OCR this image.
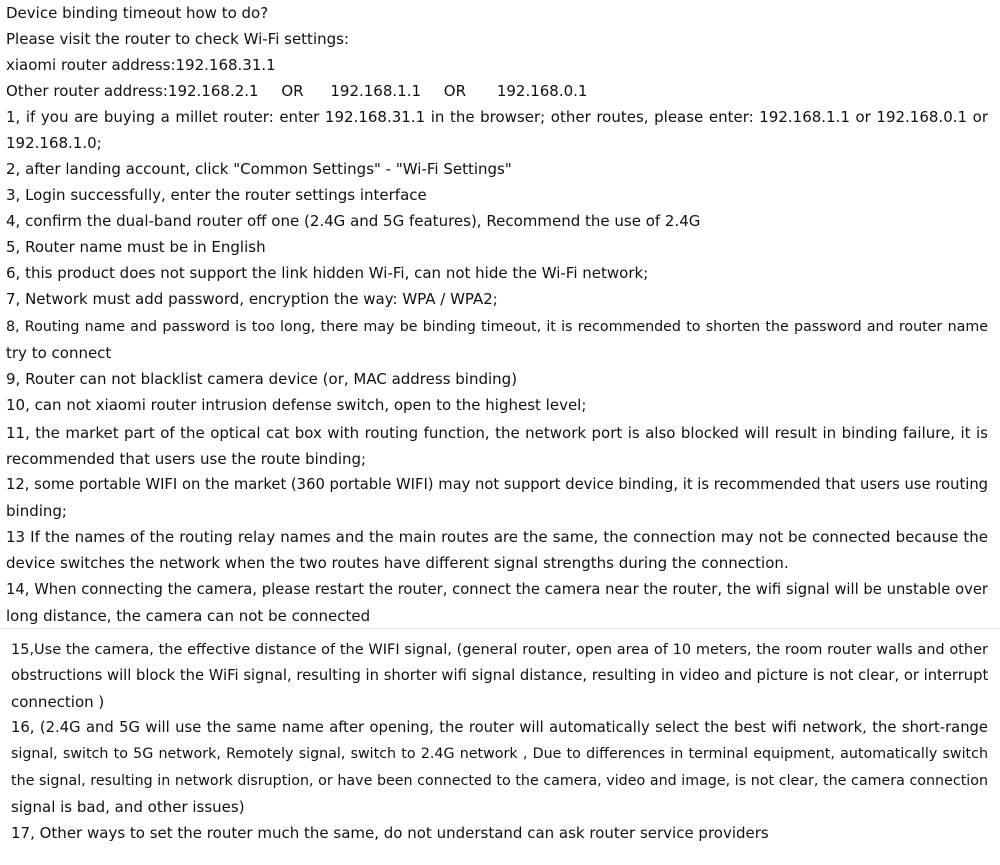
Device binding timeout how to do?
Please visit the router to check Wi-Fi settings:
xiaomi router address:192.168.31.1
Other router address:192.168.2.1 OR 192.168.1.1 OR 192.168.0.1
1, if you are buying a millet router: enter 192.168.31.1 in the browser; other routes, please enter: 192.168.1.1 or 192.168.0.1 or
192.168.1.0;
2, after landing account, click "Common Settings" - "Wi-Fi Settings"
3, Login successfully, enter the router settings interface
4, confirm the dual-band router off one (2.4G and 5G features), Recommend the use of 2.4G
5, Router name must be in English
6, this product does not support the link hidden Wi-Fi, can not hide the Wi-Fi network;
7, Network must add password, encryption the way: WPA / WPA2;
8, Routing name and password is too long, there may be binding timeout, it is recommended to shorten the password and router name
try to connect
9, Router can not blacklist camera device (or, MAC address binding)
10, can not xiaomi router intrusion defense switch, open to the highest level;
11, the market part of the optical cat box with routing function, the network port is also blocked will result in binding failure, it is
recommended that users use the route binding;
12, some portable WIFI on the market (360 portable WIFI) may not support device binding, it is recommended that users use routing
binding;
13 If the names of the routing relay names and the main routes are the same, the connection may not be connected because the
device switches the network when the two routes have different signal strengths during the connection.
14, When connecting the camera, please restart the router, connect the camera near the router, the wifi signal will be unstable over
long distance, the camera can not be connected
15,Use the camera, the effective distance of the WIFI signal, (general router, open area of 10 meters, the room router walls and other
obstructions will block the WiFi signal, resulting in shorter wifi signal distance, resulting in video and picture is not clear, or interrupt
connection )
16, (2.4G and 5G will use the same name after opening, the router will automatically select the best wifi network, the short-range
signal, switch to 5G network, Remotely signal, switch to 2.4G network , Due to differences in terminal equipment, automatically switch
the signal, resulting in network disruption, or have been connected to the camera, video and image, is not clear, the camera connection
signal is bad, and other issues)
17, Other ways to set the router much the same, do not understand can ask router service providers
